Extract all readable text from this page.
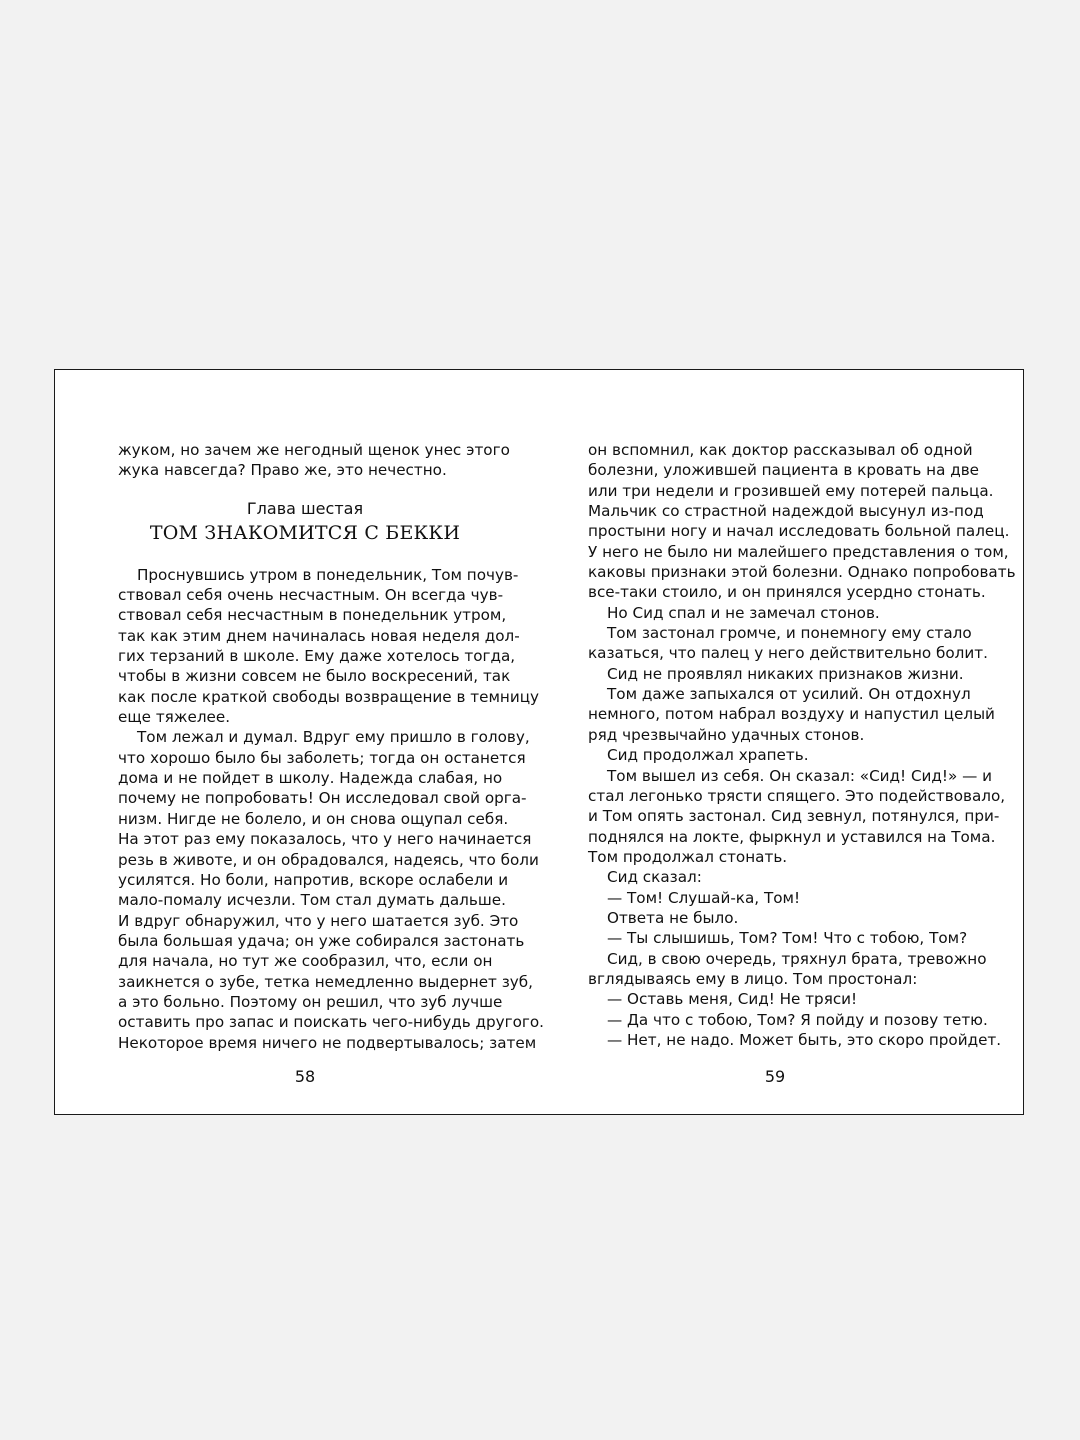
жуком, но зачем же негодный щенок унес этого
жука навсегда? Право же, это нечестно.
Глава шестая
ТОМ ЗНАКОМИТСЯ С БЕККИ
Проснувшись утром в понедельник, Том почув-
ствовал себя очень несчастным. Он всегда чув-
ствовал себя несчастным в понедельник утром,
так как этим днем начиналась новая неделя дол-
гих терзаний в школе. Ему даже хотелось тогда,
чтобы в жизни совсем не было воскресений, так
как после краткой свободы возвращение в темницу
еще тяжелее.
Том лежал и думал. Вдруг ему пришло в голову,
что хорошо было бы заболеть; тогда он останется
дома и не пойдет в школу. Надежда слабая, но
почему не попробовать! Он исследовал свой орга-
низм. Нигде не болело, и он снова ощупал себя.
На этот раз ему показалось, что у него начинается
резь в животе, и он обрадовался, надеясь, что боли
усилятся. Но боли, напротив, вскоре ослабели и
мало-помалу исчезли. Том стал думать дальше.
И вдруг обнаружил, что у него шатается зуб. Это
была большая удача; он уже собирался застонать
для начала, но тут же сообразил, что, если он
заикнется о зубе, тетка немедленно выдернет зуб,
а это больно. Поэтому он решил, что зуб лучше
оставить про запас и поискать чего-нибудь другого.
Некоторое время ничего не подвертывалось; затем
он вспомнил, как доктор рассказывал об одной
болезни, уложившей пациента в кровать на две
или три недели и грозившей ему потерей пальца.
Мальчик со страстной надеждой высунул из-под
простыни ногу и начал исследовать больной палец.
У него не было ни малейшего представления о том,
каковы признаки этой болезни. Однако попробовать
все-таки стоило, и он принялся усердно стонать.
Но Сид спал и не замечал стонов.
Том застонал громче, и понемногу ему стало
казаться, что палец у него действительно болит.
Сид не проявлял никаких признаков жизни.
Том даже запыхался от усилий. Он отдохнул
немного, потом набрал воздуху и напустил целый
ряд чрезвычайно удачных стонов.
Сид продолжал храпеть.
Том вышел из себя. Он сказал: «Сид! Сид!» — и
стал легонько трясти спящего. Это подействовало,
и Том опять застонал. Сид зевнул, потянулся, при-
поднялся на локте, фыркнул и уставился на Тома.
Том продолжал стонать.
Сид сказал:
— Том! Слушай-ка, Том!
Ответа не было.
— Ты слышишь, Том? Том! Что с тобою, Том?
Сид, в свою очередь, тряхнул брата, тревожно
вглядываясь ему в лицо. Том простонал:
— Оставь меня, Сид! Не тряси!
— Да что с тобою, Том? Я пойду и позову тетю.
— Нет, не надо. Может быть, это скоро пройдет.
58	59
